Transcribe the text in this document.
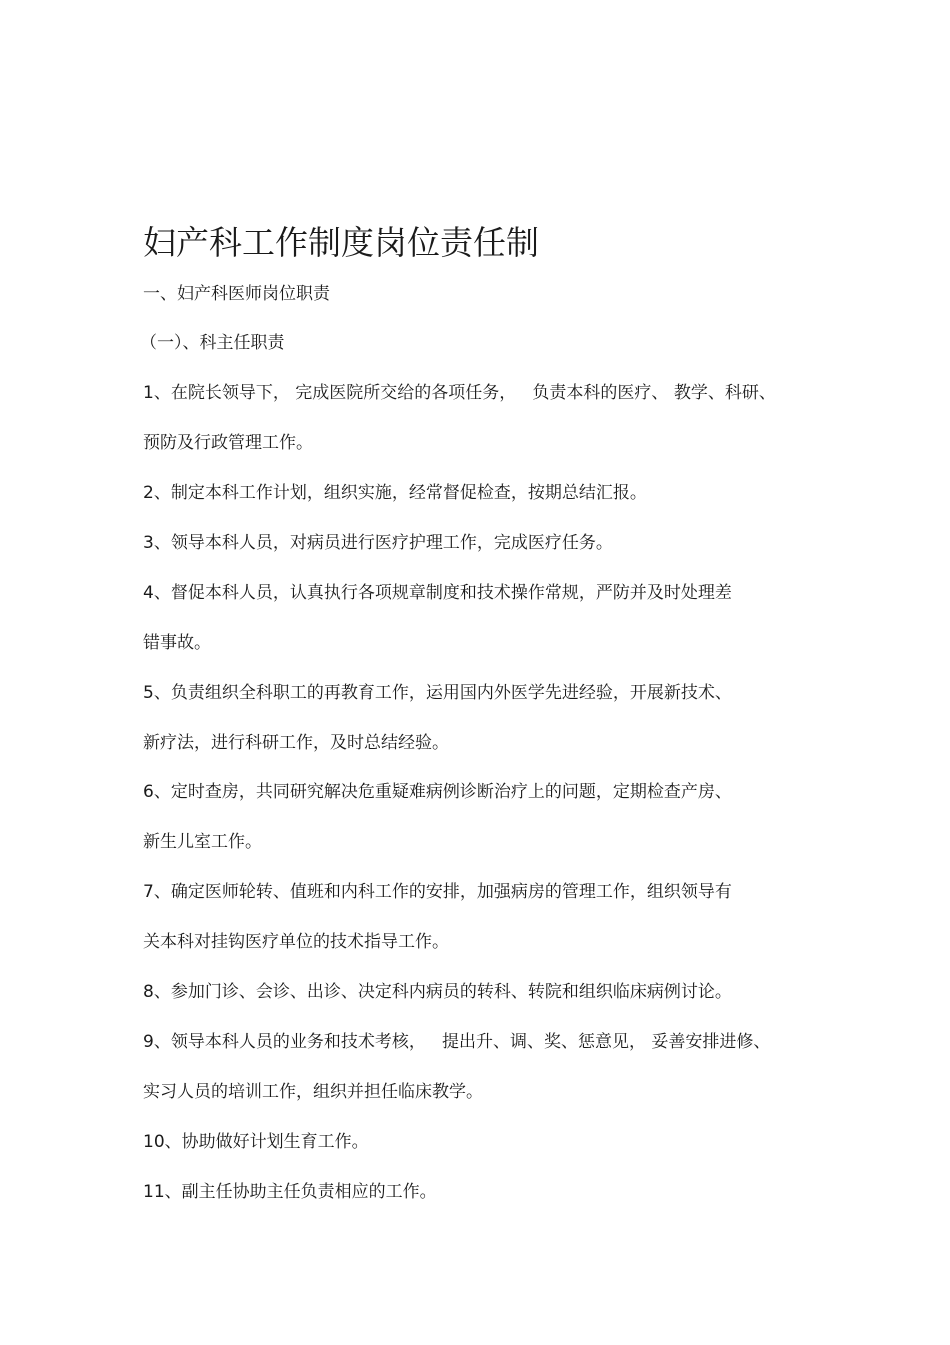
妇产科工作制度岗位责任制

一、妇产科医师岗位职责

（一）、科主任职责

1、在院长领导下， 完成医院所交给的各项任务，   负责本科的医疗、 教学、科研、

预防及行政管理工作。

2、制定本科工作计划，组织实施，经常督促检查，按期总结汇报。

3、领导本科人员，对病员进行医疗护理工作，完成医疗任务。

4、督促本科人员，认真执行各项规章制度和技术操作常规，严防并及时处理差

错事故。

5、负责组织全科职工的再教育工作，运用国内外医学先进经验，开展新技术、

新疗法，进行科研工作，及时总结经验。

6、定时查房，共同研究解决危重疑难病例诊断治疗上的问题，定期检查产房、

新生儿室工作。

7、确定医师轮转、值班和内科工作的安排，加强病房的管理工作，组织领导有

关本科对挂钩医疗单位的技术指导工作。

8、参加门诊、会诊、出诊、决定科内病员的转科、转院和组织临床病例讨论。

9、领导本科人员的业务和技术考核，   提出升、调、奖、惩意见， 妥善安排进修、

实习人员的培训工作，组织并担任临床教学。

10、协助做好计划生育工作。

11、副主任协助主任负责相应的工作。
